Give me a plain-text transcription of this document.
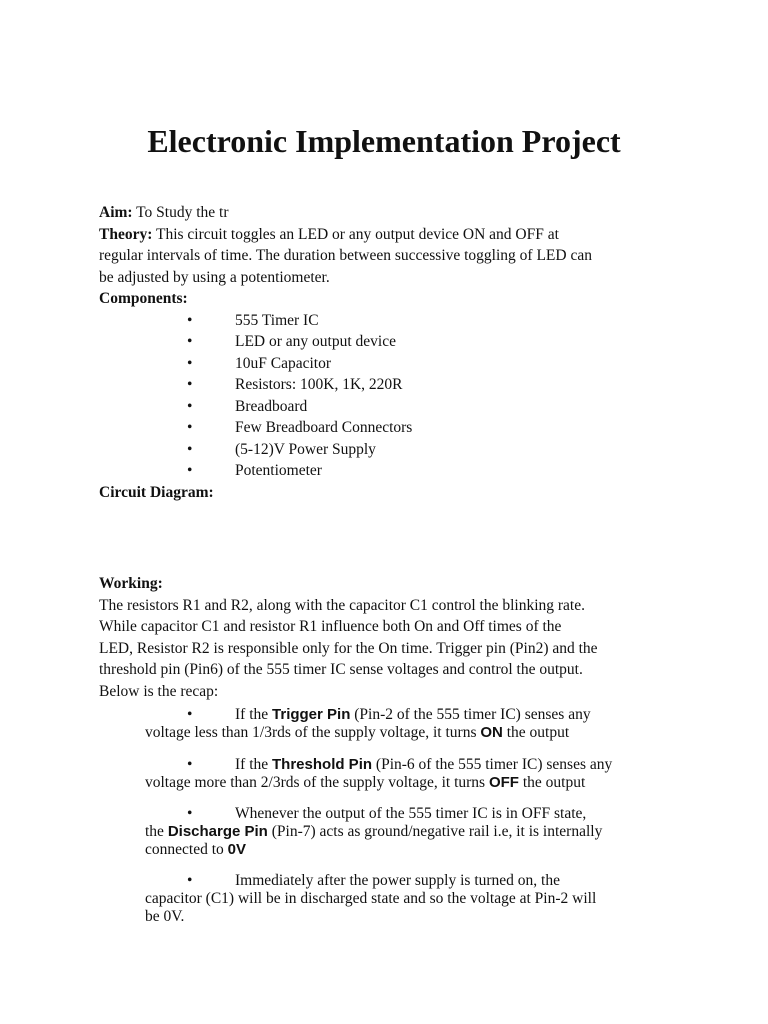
Electronic Implementation Project

Aim: To Study the tr

Theory: This circuit toggles an LED or any output device ON and OFF at

regular intervals of time. The duration between successive toggling of LED can

be adjusted by using a potentiometer.

Components:

•	555 Timer IC
•	LED or any output device
•	10uF Capacitor
•	Resistors: 100K, 1K, 220R
•	Breadboard
•	Few Breadboard Connectors
•	(5-12)V Power Supply
•	Potentiometer

Circuit Diagram:

Working:

The resistors R1 and R2, along with the capacitor C1 control the blinking rate.

While capacitor C1 and resistor R1 influence both On and Off times of the

LED, Resistor R2 is responsible only for the On time. Trigger pin (Pin2) and the

threshold pin (Pin6) of the 555 timer IC sense voltages and control the output.

Below is the recap:

•	If the Trigger Pin (Pin-2 of the 555 timer IC) senses any

voltage less than 1/3rds of the supply voltage, it turns ON the output

•	If the Threshold Pin (Pin-6 of the 555 timer IC) senses any

voltage more than 2/3rds of the supply voltage, it turns OFF the output

•	Whenever the output of the 555 timer IC is in OFF state,

the Discharge Pin (Pin-7) acts as ground/negative rail i.e, it is internally

connected to 0V

•	Immediately after the power supply is turned on, the

capacitor (C1) will be in discharged state and so the voltage at Pin-2 will

be 0V.
